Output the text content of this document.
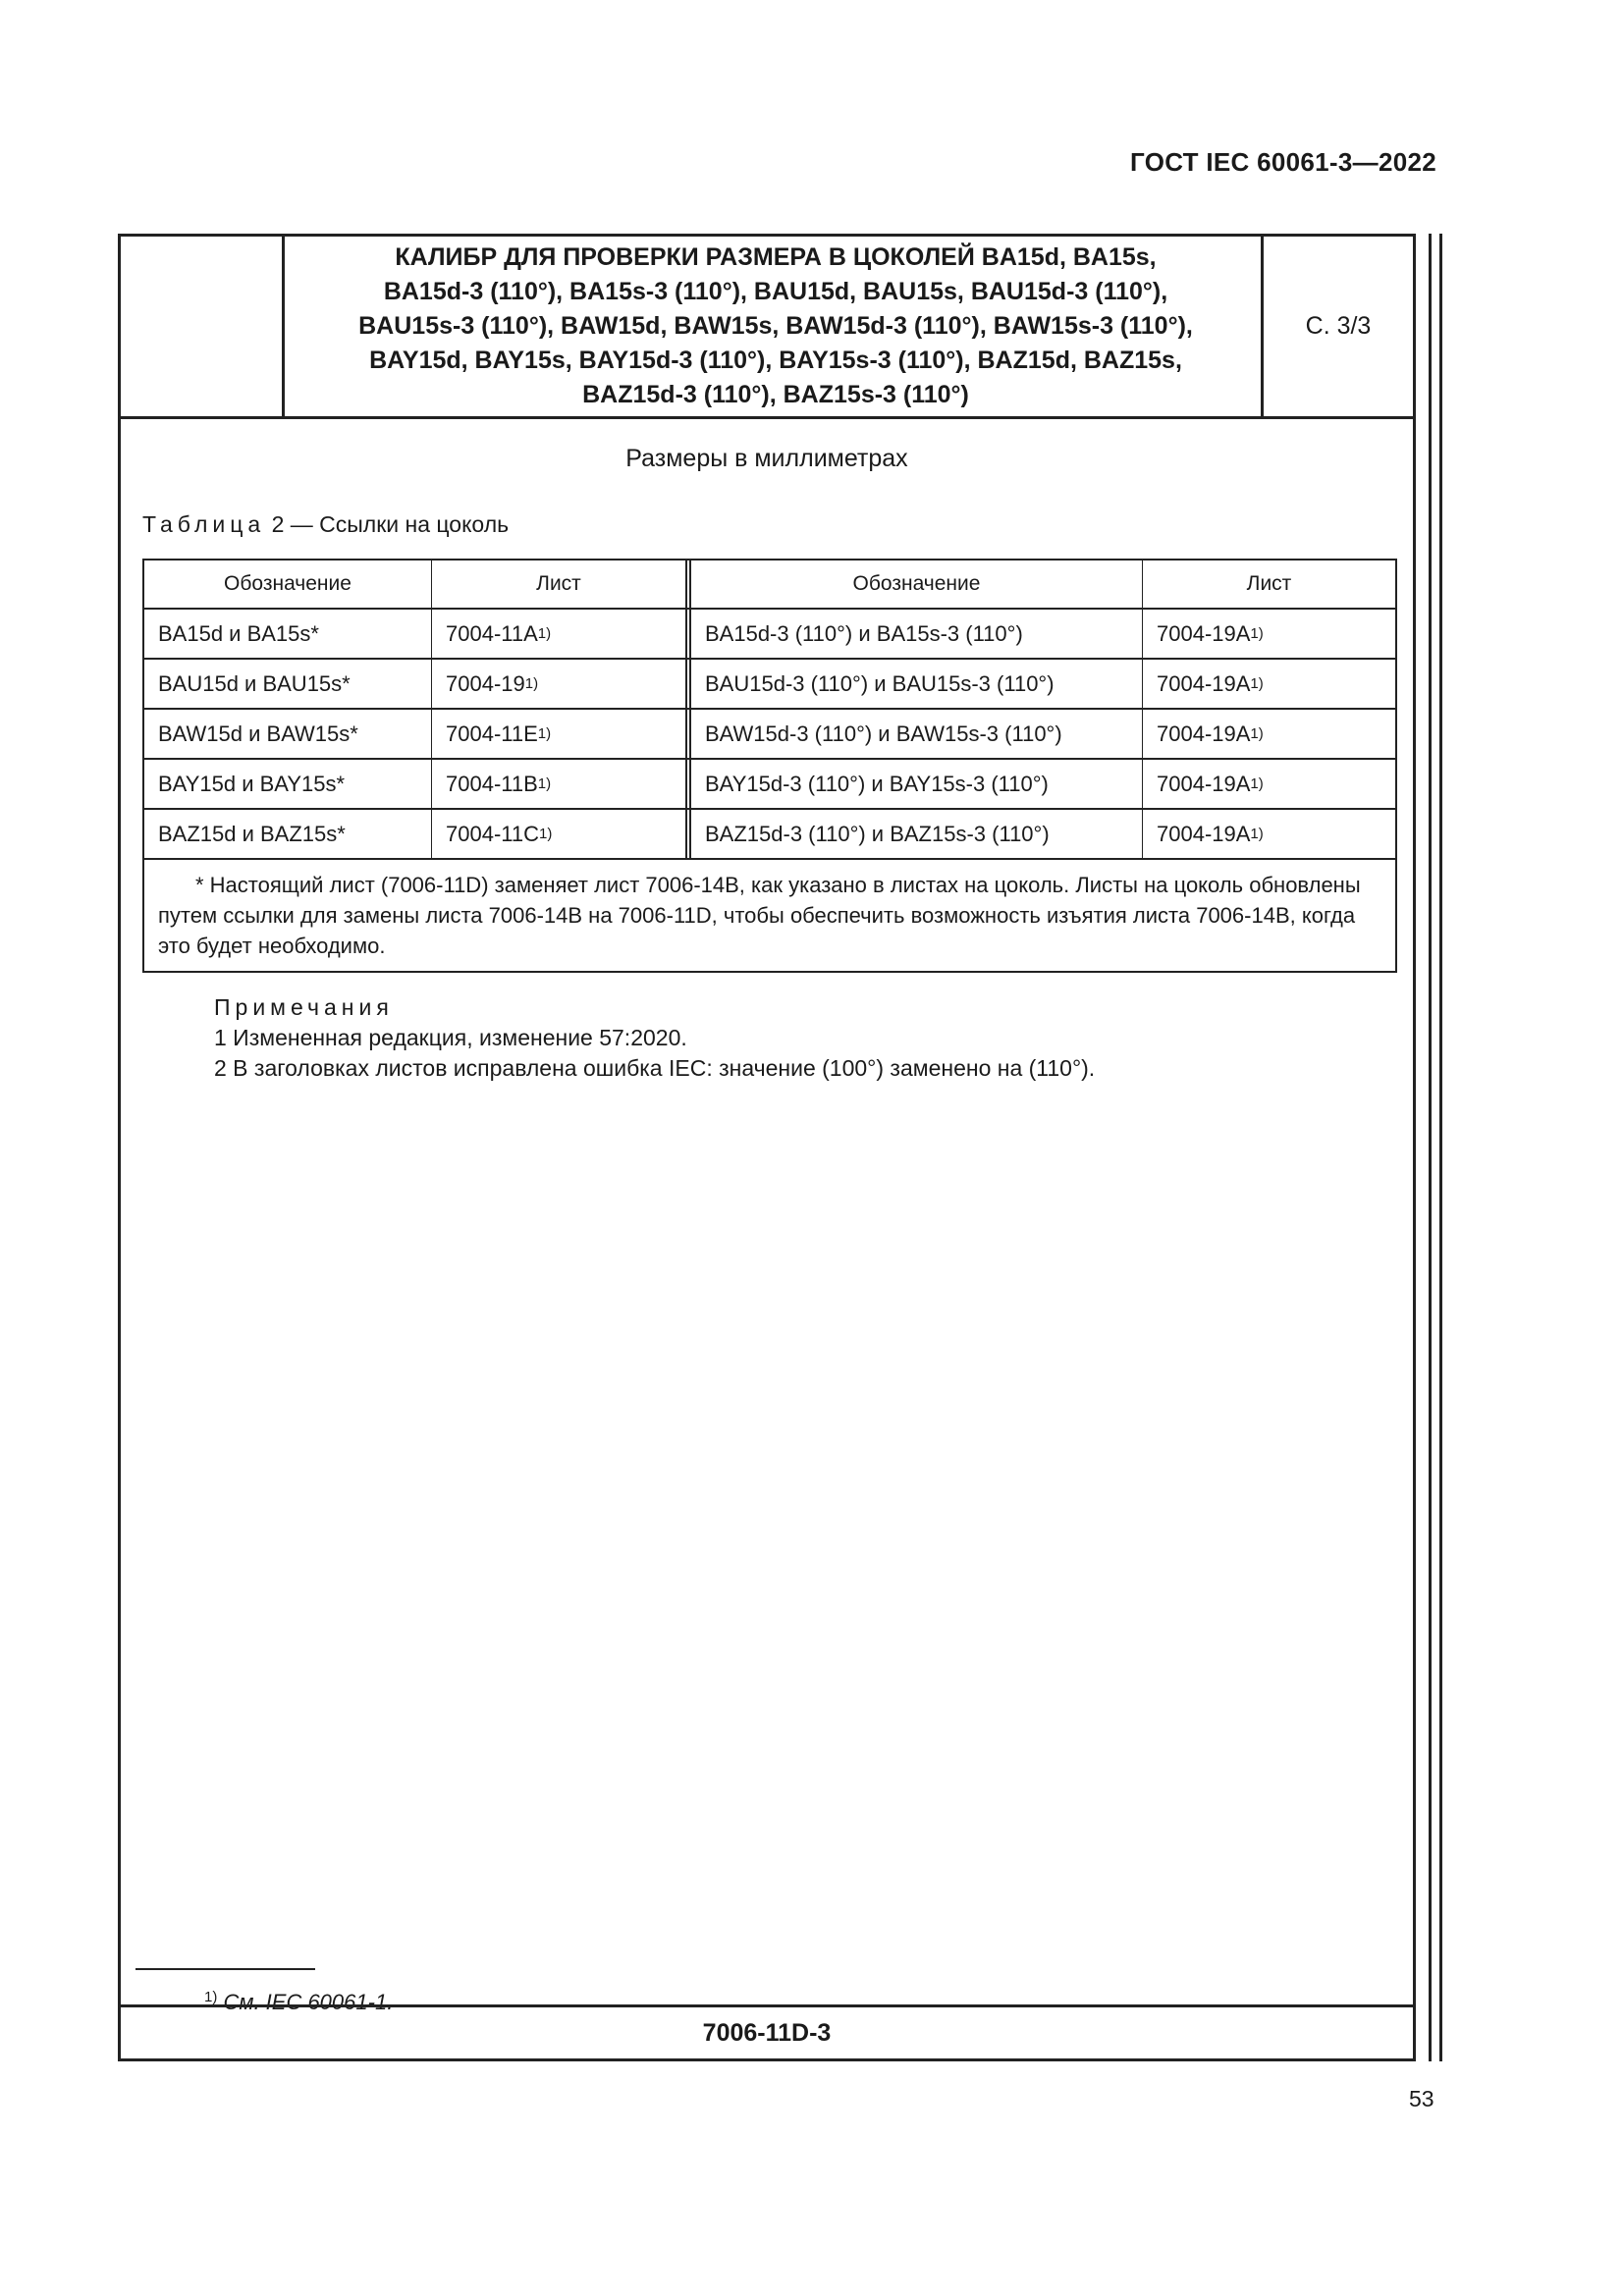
ГОСТ IEC 60061-3—2022
КАЛИБР ДЛЯ ПРОВЕРКИ РАЗМЕРА B ЦОКОЛЕЙ BA15d, BA15s,
BA15d-3 (110°), BA15s-3 (110°), BAU15d, BAU15s, BAU15d-3 (110°),
BAU15s-3 (110°), BAW15d, BAW15s, BAW15d-3 (110°), BAW15s-3 (110°),
BAY15d, BAY15s, BAY15d-3 (110°), BAY15s-3 (110°), BAZ15d, BAZ15s,
BAZ15d-3 (110°), BAZ15s-3 (110°)
С. 3/3
Размеры в миллиметрах
Таблица 2 — Ссылки на цоколь
Обозначение	Лист	Обозначение	Лист
BA15d и BA15s*	7004-11A 1)	BA15d-3 (110°) и BA15s-3 (110°)	7004-19A 1)
BAU15d и BAU15s*	7004-19 1)	BAU15d-3 (110°) и BAU15s-3 (110°)	7004-19A 1)
BAW15d и BAW15s*	7004-11E 1)	BAW15d-3 (110°) и BAW15s-3 (110°)	7004-19A 1)
BAY15d и BAY15s*	7004-11B 1)	BAY15d-3 (110°) и BAY15s-3 (110°)	7004-19A 1)
BAZ15d и BAZ15s*	7004-11C 1)	BAZ15d-3 (110°) и BAZ15s-3 (110°)	7004-19A 1)
* Настоящий лист (7006-11D) заменяет лист 7006-14B, как указано в листах на цоколь. Листы на цоколь обновлены путем ссылки для замены листа 7006-14B на 7006-11D, чтобы обеспечить возможность изъятия листа 7006-14B, когда это будет необходимо.
Примечания
1 Измененная редакция, изменение 57:2020.
2 В заголовках листов исправлена ошибка IEC: значение (100°) заменено на (110°).
$^{1)}$ См. IEC 60061-1.
7006-11D-3
53
